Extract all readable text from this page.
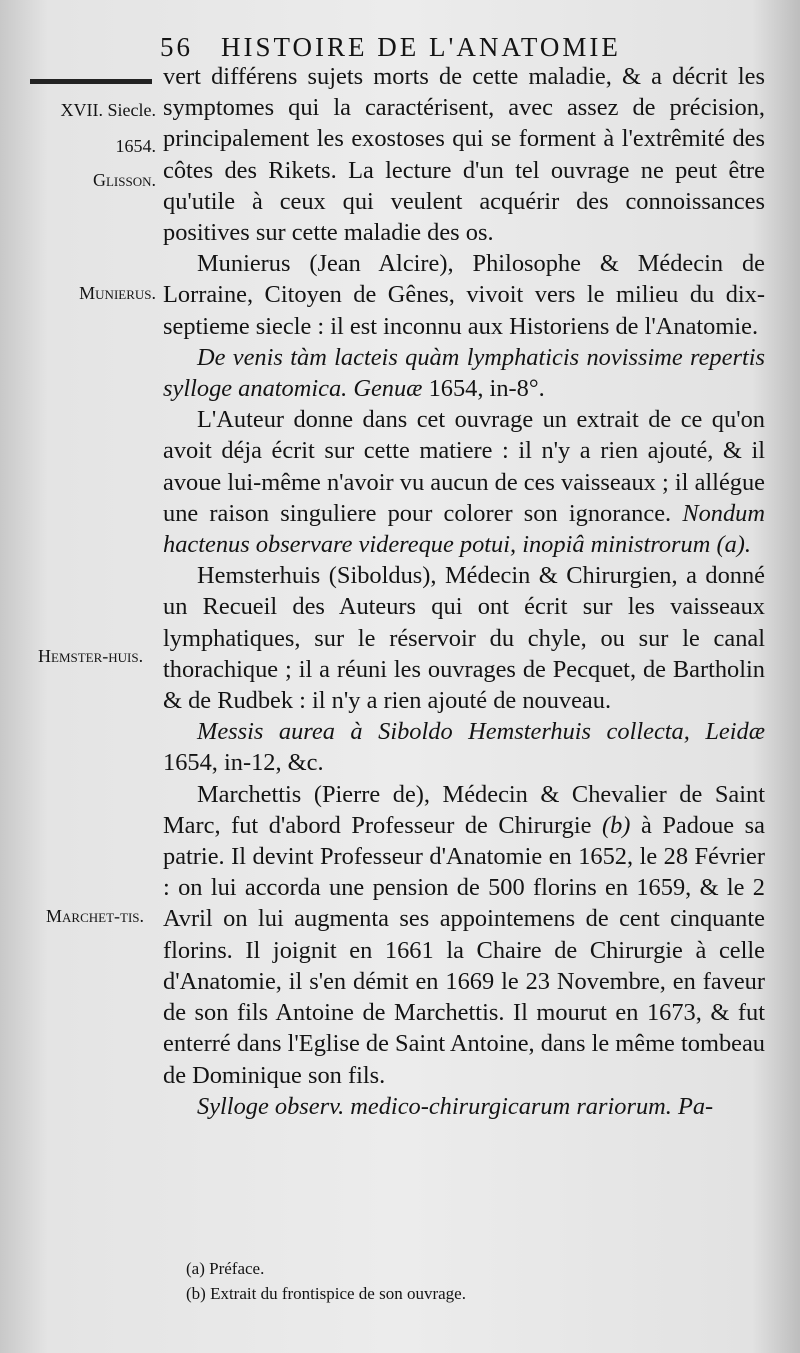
56 HISTOIRE DE L'ANATOMIE
XVII. Siecle.
1654.
Glisson.
Munierus.
Hemster-huis.
Marchet-tis.

vert différens sujets morts de cette maladie, & a décrit les symptomes qui la caractérisent, avec assez de précision, principalement les exostoses qui se forment à l'extrêmité des côtes des Rikets. La lecture d'un tel ouvrage ne peut être qu'utile à ceux qui veulent acquérir des connoissances positives sur cette maladie des os.

Munierus (Jean Alcire), Philosophe & Médecin de Lorraine, Citoyen de Gênes, vivoit vers le milieu du dix-septieme siecle : il est inconnu aux Historiens de l'Anatomie.

De venis tàm lacteis quàm lymphaticis novissime repertis sylloge anatomica. Genuæ 1654, in-8°.

L'Auteur donne dans cet ouvrage un extrait de ce qu'on avoit déja écrit sur cette matiere : il n'y a rien ajouté, & il avoue lui-même n'avoir vu aucun de ces vaisseaux ; il allégue une raison singuliere pour colorer son ignorance. Nondum hactenus observare videreque potui, inopiâ ministrorum (a).

Hemsterhuis (Siboldus), Médecin & Chirurgien, a donné un Recueil des Auteurs qui ont écrit sur les vaisseaux lymphatiques, sur le réservoir du chyle, ou sur le canal thorachique ; il a réuni les ouvrages de Pecquet, de Bartholin & de Rudbek : il n'y a rien ajouté de nouveau.

Messis aurea à Siboldo Hemsterhuis collecta, Leidæ 1654, in-12, &c.

Marchettis (Pierre de), Médecin & Chevalier de Saint Marc, fut d'abord Professeur de Chirurgie (b) à Padoue sa patrie. Il devint Professeur d'Anatomie en 1652, le 28 Février : on lui accorda une pension de 500 florins en 1659, & le 2 Avril on lui augmenta ses appointemens de cent cinquante florins. Il joignit en 1661 la Chaire de Chirurgie à celle d'Anatomie, il s'en démit en 1669 le 23 Novembre, en faveur de son fils Antoine de Marchettis. Il mourut en 1673, & fut enterré dans l'Eglise de Saint Antoine, dans le même tombeau de Dominique son fils.

Sylloge observ. medico-chirurgicarum rariorum. Pa-

(a) Préface.
(b) Extrait du frontispice de son ouvrage.
